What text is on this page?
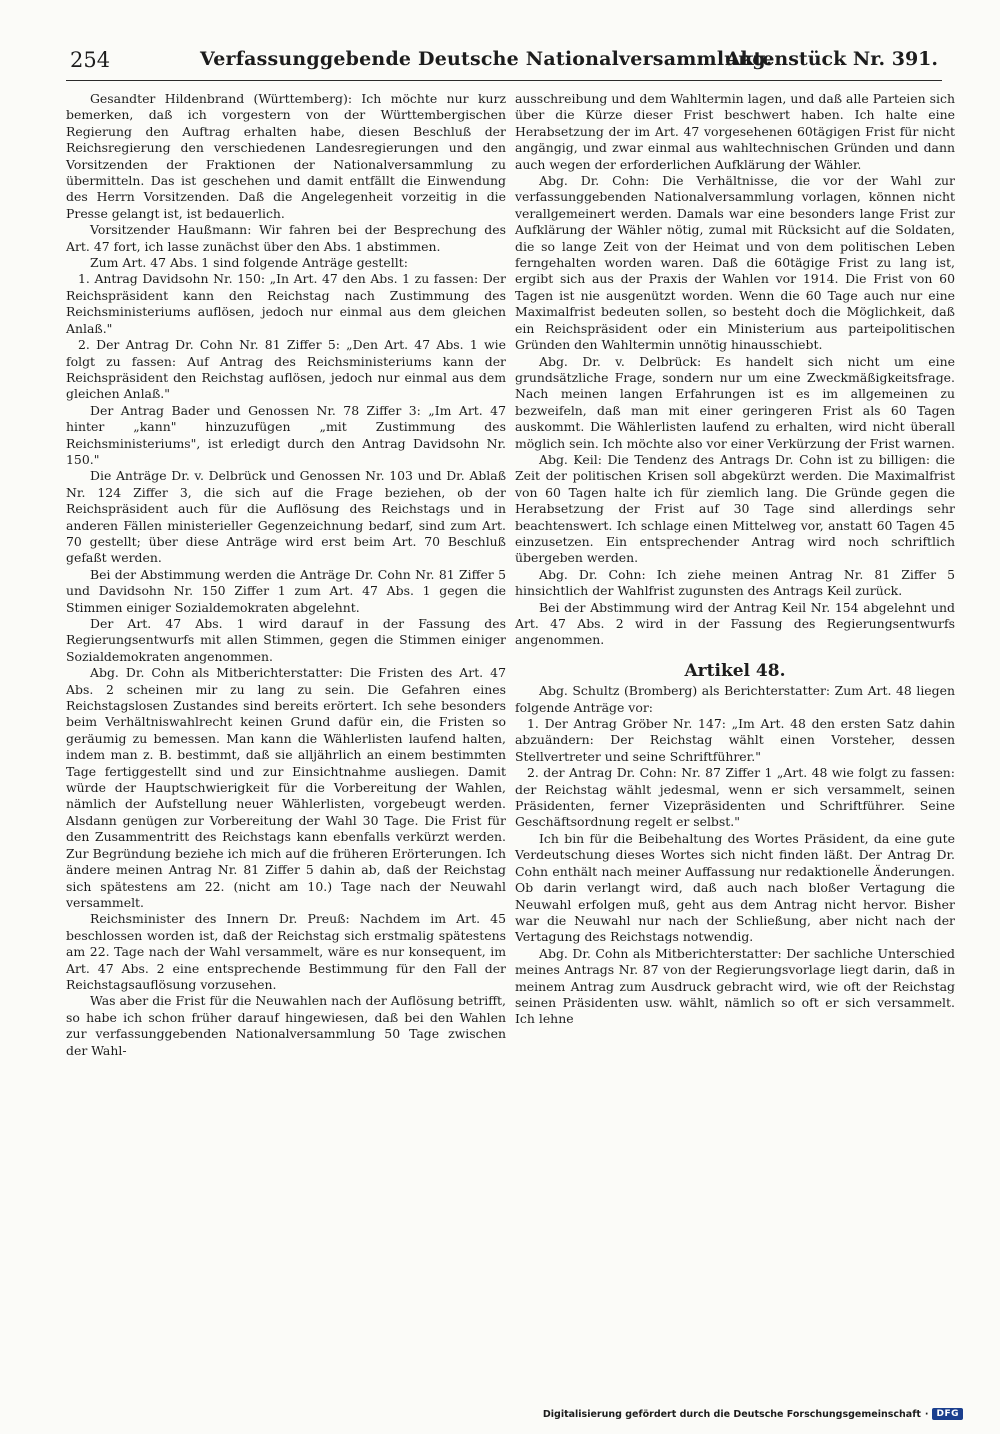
254	Verfassunggebende Deutsche Nationalversammlung.
Aktenstück Nr. 391.

Gesandter Hildenbrand (Württemberg): Ich möchte nur kurz bemerken, daß ich vorgestern von der Württembergischen Regierung den Auftrag erhalten habe, diesen Beschluß der Reichsregierung den verschiedenen Landesregierungen und den Vorsitzenden der Fraktionen der Nationalversammlung zu übermitteln. Das ist geschehen und damit entfällt die Einwendung des Herrn Vorsitzenden. Daß die Angelegenheit vorzeitig in die Presse gelangt ist, ist bedauerlich.

Vorsitzender Haußmann: Wir fahren bei der Besprechung des Art. 47 fort, ich lasse zunächst über den Abs. 1 abstimmen.

Zum Art. 47 Abs. 1 sind folgende Anträge gestellt:

1. Antrag Davidsohn Nr. 150: „In Art. 47 den Abs. 1 zu fassen: Der Reichspräsident kann den Reichstag nach Zustimmung des Reichsministeriums auflösen, jedoch nur einmal aus dem gleichen Anlaß."

2. Der Antrag Dr. Cohn Nr. 81 Ziffer 5: „Den Art. 47 Abs. 1 wie folgt zu fassen: Auf Antrag des Reichsministeriums kann der Reichspräsident den Reichstag auflösen, jedoch nur einmal aus dem gleichen Anlaß."

Der Antrag Bader und Genossen Nr. 78 Ziffer 3: „Im Art. 47 hinter „kann" hinzuzufügen „mit Zustimmung des Reichsministeriums", ist erledigt durch den Antrag Davidsohn Nr. 150."

Die Anträge Dr. v. Delbrück und Genossen Nr. 103 und Dr. Ablaß Nr. 124 Ziffer 3, die sich auf die Frage beziehen, ob der Reichspräsident auch für die Auflösung des Reichstags und in anderen Fällen ministerieller Gegenzeichnung bedarf, sind zum Art. 70 gestellt; über diese Anträge wird erst beim Art. 70 Beschluß gefaßt werden.

Bei der Abstimmung werden die Anträge Dr. Cohn Nr. 81 Ziffer 5 und Davidsohn Nr. 150 Ziffer 1 zum Art. 47 Abs. 1 gegen die Stimmen einiger Sozialdemokraten abgelehnt.

Der Art. 47 Abs. 1 wird darauf in der Fassung des Regierungsentwurfs mit allen Stimmen, gegen die Stimmen einiger Sozialdemokraten angenommen.

Abg. Dr. Cohn als Mitberichterstatter: Die Fristen des Art. 47 Abs. 2 scheinen mir zu lang zu sein. Die Gefahren eines Reichstagslosen Zustandes sind bereits erörtert. Ich sehe besonders beim Verhältniswahlrecht keinen Grund dafür ein, die Fristen so geräumig zu bemessen. Man kann die Wählerlisten laufend halten, indem man z. B. bestimmt, daß sie alljährlich an einem bestimmten Tage fertiggestellt sind und zur Einsichtnahme ausliegen. Damit würde der Hauptschwierigkeit für die Vorbereitung der Wahlen, nämlich der Aufstellung neuer Wählerlisten, vorgebeugt werden. Alsdann genügen zur Vorbereitung der Wahl 30 Tage. Die Frist für den Zusammentritt des Reichstags kann ebenfalls verkürzt werden. Zur Begründung beziehe ich mich auf die früheren Erörterungen. Ich ändere meinen Antrag Nr. 81 Ziffer 5 dahin ab, daß der Reichstag sich spätestens am 22. (nicht am 10.) Tage nach der Neuwahl versammelt.

Reichsminister des Innern Dr. Preuß: Nachdem im Art. 45 beschlossen worden ist, daß der Reichstag sich erstmalig spätestens am 22. Tage nach der Wahl versammelt, wäre es nur konsequent, im Art. 47 Abs. 2 eine entsprechende Bestimmung für den Fall der Reichstagsauflösung vorzusehen.

Was aber die Frist für die Neuwahlen nach der Auflösung betrifft, so habe ich schon früher darauf hingewiesen, daß bei den Wahlen zur verfassunggebenden Nationalversammlung 50 Tage zwischen der Wahl-

ausschreibung und dem Wahltermin lagen, und daß alle Parteien sich über die Kürze dieser Frist beschwert haben. Ich halte eine Herabsetzung der im Art. 47 vorgesehenen 60tägigen Frist für nicht angängig, und zwar einmal aus wahltechnischen Gründen und dann auch wegen der erforderlichen Aufklärung der Wähler.

Abg. Dr. Cohn: Die Verhältnisse, die vor der Wahl zur verfassunggebenden Nationalversammlung vorlagen, können nicht verallgemeinert werden. Damals war eine besonders lange Frist zur Aufklärung der Wähler nötig, zumal mit Rücksicht auf die Soldaten, die so lange Zeit von der Heimat und von dem politischen Leben ferngehalten worden waren. Daß die 60tägige Frist zu lang ist, ergibt sich aus der Praxis der Wahlen vor 1914. Die Frist von 60 Tagen ist nie ausgenützt worden. Wenn die 60 Tage auch nur eine Maximalfrist bedeuten sollen, so besteht doch die Möglichkeit, daß ein Reichspräsident oder ein Ministerium aus parteipolitischen Gründen den Wahltermin unnötig hinausschiebt.

Abg. Dr. v. Delbrück: Es handelt sich nicht um eine grundsätzliche Frage, sondern nur um eine Zweckmäßigkeitsfrage. Nach meinen langen Erfahrungen ist es im allgemeinen zu bezweifeln, daß man mit einer geringeren Frist als 60 Tagen auskommt. Die Wählerlisten laufend zu erhalten, wird nicht überall möglich sein. Ich möchte also vor einer Verkürzung der Frist warnen.

Abg. Keil: Die Tendenz des Antrags Dr. Cohn ist zu billigen: die Zeit der politischen Krisen soll abgekürzt werden. Die Maximalfrist von 60 Tagen halte ich für ziemlich lang. Die Gründe gegen die Herabsetzung der Frist auf 30 Tage sind allerdings sehr beachtenswert. Ich schlage einen Mittelweg vor, anstatt 60 Tagen 45 einzusetzen. Ein entsprechender Antrag wird noch schriftlich übergeben werden.

Abg. Dr. Cohn: Ich ziehe meinen Antrag Nr. 81 Ziffer 5 hinsichtlich der Wahlfrist zugunsten des Antrags Keil zurück.

Bei der Abstimmung wird der Antrag Keil Nr. 154 abgelehnt und Art. 47 Abs. 2 wird in der Fassung des Regierungsentwurfs angenommen.

Artikel 48.

Abg. Schultz (Bromberg) als Berichterstatter: Zum Art. 48 liegen folgende Anträge vor:

1. Der Antrag Gröber Nr. 147: „Im Art. 48 den ersten Satz dahin abzuändern: Der Reichstag wählt einen Vorsteher, dessen Stellvertreter und seine Schriftführer."

2. der Antrag Dr. Cohn: Nr. 87 Ziffer 1 „Art. 48 wie folgt zu fassen: der Reichstag wählt jedesmal, wenn er sich versammelt, seinen Präsidenten, ferner Vizepräsidenten und Schriftführer. Seine Geschäftsordnung regelt er selbst."

Ich bin für die Beibehaltung des Wortes Präsident, da eine gute Verdeutschung dieses Wortes sich nicht finden läßt. Der Antrag Dr. Cohn enthält nach meiner Auffassung nur redaktionelle Änderungen. Ob darin verlangt wird, daß auch nach bloßer Vertagung die Neuwahl erfolgen muß, geht aus dem Antrag nicht hervor. Bisher war die Neuwahl nur nach der Schließung, aber nicht nach der Vertagung des Reichstags notwendig.

Abg. Dr. Cohn als Mitberichterstatter: Der sachliche Unterschied meines Antrags Nr. 87 von der Regierungsvorlage liegt darin, daß in meinem Antrag zum Ausdruck gebracht wird, wie oft der Reichstag seinen Präsidenten usw. wählt, nämlich so oft er sich versammelt. Ich lehne

Digitalisierung gefördert durch die Deutsche Forschungsgemeinschaft · DFG
